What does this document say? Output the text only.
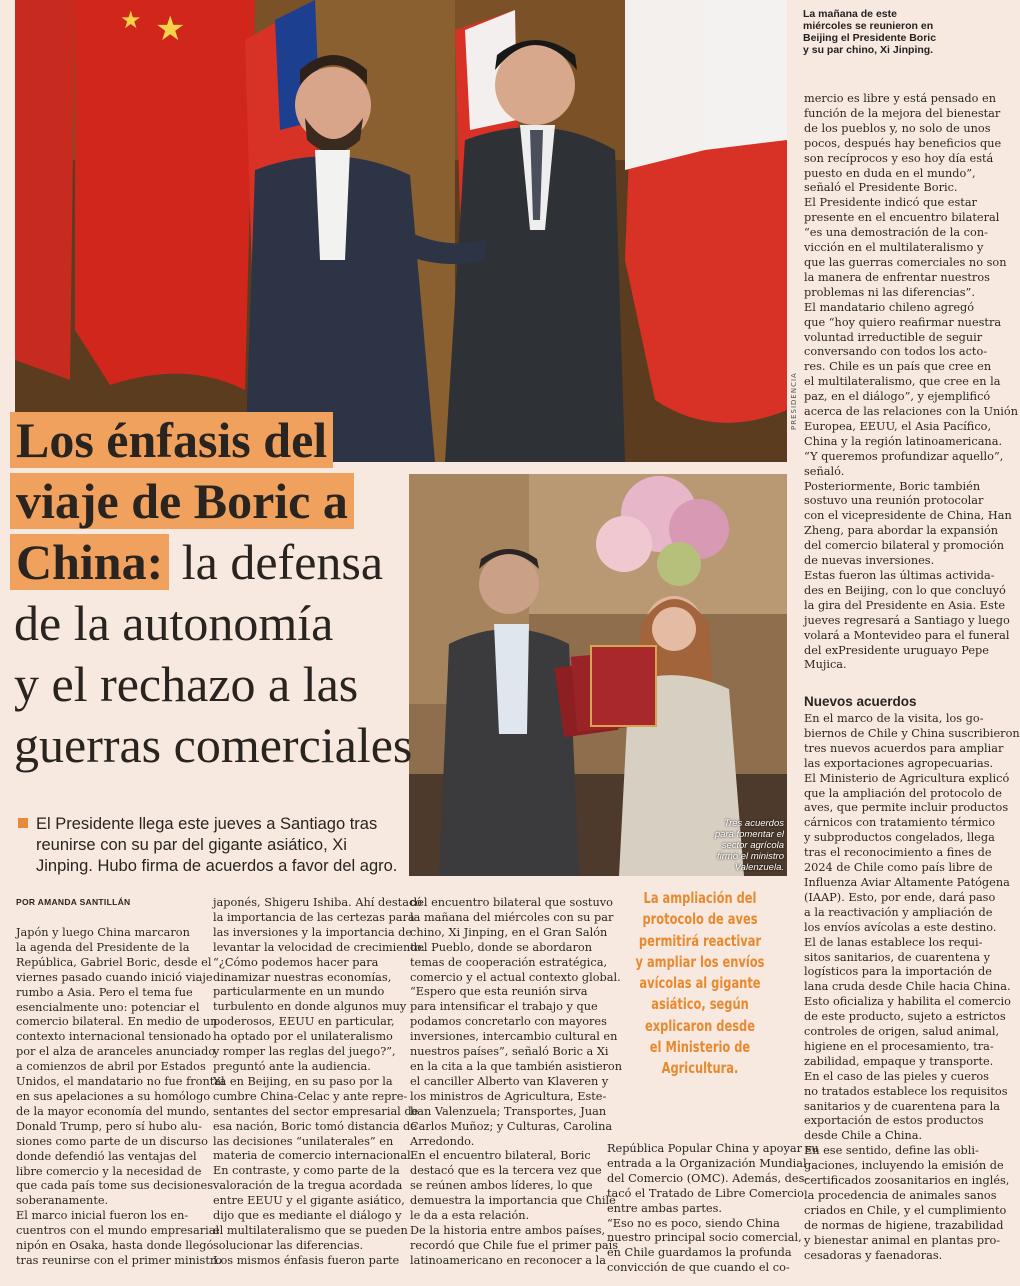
★
★
PRESIDENCIA
La mañana de este
miércoles se reunieron en
Beijing el Presidente Boric
y su par chino, Xi Jinping.
Tres acuerdos
para fomentar el
sector agrícola
firmó el ministro
Valenzuela.
Los énfasis del
viaje de Boric a
China: la defensa
de la autonomía
y el rechazo a las
guerras comerciales
El Presidente llega este jueves a Santiago tras
reunirse con su par del gigante asiático, Xi
Jinping. Hubo firma de acuerdos a favor del agro.
POR AMANDA SANTILLÁN
Japón y luego China marcaron
la agenda del Presidente de la
República, Gabriel Boric, desde el
viernes pasado cuando inició viaje
rumbo a Asia. Pero el tema fue
esencialmente uno: potenciar el
comercio bilateral. En medio de un
contexto internacional tensionado
por el alza de aranceles anunciado
a comienzos de abril por Estados
Unidos, el mandatario no fue frontal
en sus apelaciones a su homólogo
de la mayor economía del mundo,
Donald Trump, pero sí hubo alu-
siones como parte de un discurso
donde defendió las ventajas del
libre comercio y la necesidad de
que cada país tome sus decisiones
soberanamente.
El marco inicial fueron los en-
cuentros con el mundo empresarial
nipón en Osaka, hasta donde llegó
tras reunirse con el primer ministro
japonés, Shigeru Ishiba. Ahí destacó
la importancia de las certezas para
las inversiones y la importancia de
levantar la velocidad de crecimiento.
“¿Cómo podemos hacer para
dinamizar nuestras economías,
particularmente en un mundo
turbulento en donde algunos muy
poderosos, EEUU en particular,
ha optado por el unilateralismo
y romper las reglas del juego?”,
preguntó ante la audiencia.
Ya en Beijing, en su paso por la
cumbre China-Celac y ante repre-
sentantes del sector empresarial de
esa nación, Boric tomó distancia de
las decisiones “unilaterales” en
materia de comercio internacional.
En contraste, y como parte de la
valoración de la tregua acordada
entre EEUU y el gigante asiático,
dijo que es mediante el diálogo y
el multilateralismo que se pueden
solucionar las diferencias.
Los mismos énfasis fueron parte
del encuentro bilateral que sostuvo
la mañana del miércoles con su par
chino, Xi Jinping, en el Gran Salón
del Pueblo, donde se abordaron
temas de cooperación estratégica,
comercio y el actual contexto global.
“Espero que esta reunión sirva
para intensificar el trabajo y que
podamos concretarlo con mayores
inversiones, intercambio cultural en
nuestros países”, señaló Boric a Xi
en la cita a la que también asistieron
el canciller Alberto van Klaveren y
los ministros de Agricultura, Este-
ban Valenzuela; Transportes, Juan
Carlos Muñoz; y Culturas, Carolina
Arredondo.
En el encuentro bilateral, Boric
destacó que es la tercera vez que
se reúnen ambos líderes, lo que
demuestra la importancia que Chile
le da a esta relación.
De la historia entre ambos países,
recordó que Chile fue el primer país
latinoamericano en reconocer a la
La ampliación del
protocolo de aves
permitirá reactivar
y ampliar los envíos
avícolas al gigante
asiático, según
explicaron desde
el Ministerio de
Agricultura.
República Popular China y apoyar su
entrada a la Organización Mundial
del Comercio (OMC). Además, des-
tacó el Tratado de Libre Comercio
entre ambas partes.
“Eso no es poco, siendo China
nuestro principal socio comercial,
en Chile guardamos la profunda
convicción de que cuando el co-
mercio es libre y está pensado en
función de la mejora del bienestar
de los pueblos y, no solo de unos
pocos, después hay beneficios que
son recíprocos y eso hoy día está
puesto en duda en el mundo”,
señaló el Presidente Boric.
El Presidente indicó que estar
presente en el encuentro bilateral
“es una demostración de la con-
vicción en el multilateralismo y
que las guerras comerciales no son
la manera de enfrentar nuestros
problemas ni las diferencias”.
El mandatario chileno agregó
que “hoy quiero reafirmar nuestra
voluntad irreductible de seguir
conversando con todos los acto-
res. Chile es un país que cree en
el multilateralismo, que cree en la
paz, en el diálogo”, y ejemplificó
acerca de las relaciones con la Unión
Europea, EEUU, el Asia Pacífico,
China y la región latinoamericana.
“Y queremos profundizar aquello”,
señaló.
Posteriormente, Boric también
sostuvo una reunión protocolar
con el vicepresidente de China, Han
Zheng, para abordar la expansión
del comercio bilateral y promoción
de nuevas inversiones.
Estas fueron las últimas activida-
des en Beijing, con lo que concluyó
la gira del Presidente en Asia. Este
jueves regresará a Santiago y luego
volará a Montevideo para el funeral
del exPresidente uruguayo Pepe
Mujica.
Nuevos acuerdos
En el marco de la visita, los go-
biernos de Chile y China suscribieron
tres nuevos acuerdos para ampliar
las exportaciones agropecuarias.
El Ministerio de Agricultura explicó
que la ampliación del protocolo de
aves, que permite incluir productos
cárnicos con tratamiento térmico
y subproductos congelados, llega
tras el reconocimiento a fines de
2024 de Chile como país libre de
Influenza Aviar Altamente Patógena
(IAAP). Esto, por ende, dará paso
a la reactivación y ampliación de
los envíos avícolas a este destino.
El de lanas establece los requi-
sitos sanitarios, de cuarentena y
logísticos para la importación de
lana cruda desde Chile hacia China.
Esto oficializa y habilita el comercio
de este producto, sujeto a estrictos
controles de origen, salud animal,
higiene en el procesamiento, tra-
zabilidad, empaque y transporte.
En el caso de las pieles y cueros
no tratados establece los requisitos
sanitarios y de cuarentena para la
exportación de estos productos
desde Chile a China.
En ese sentido, define las obli-
gaciones, incluyendo la emisión de
certificados zoosanitarios en inglés,
la procedencia de animales sanos
criados en Chile, y el cumplimiento
de normas de higiene, trazabilidad
y bienestar animal en plantas pro-
cesadoras y faenadoras.
